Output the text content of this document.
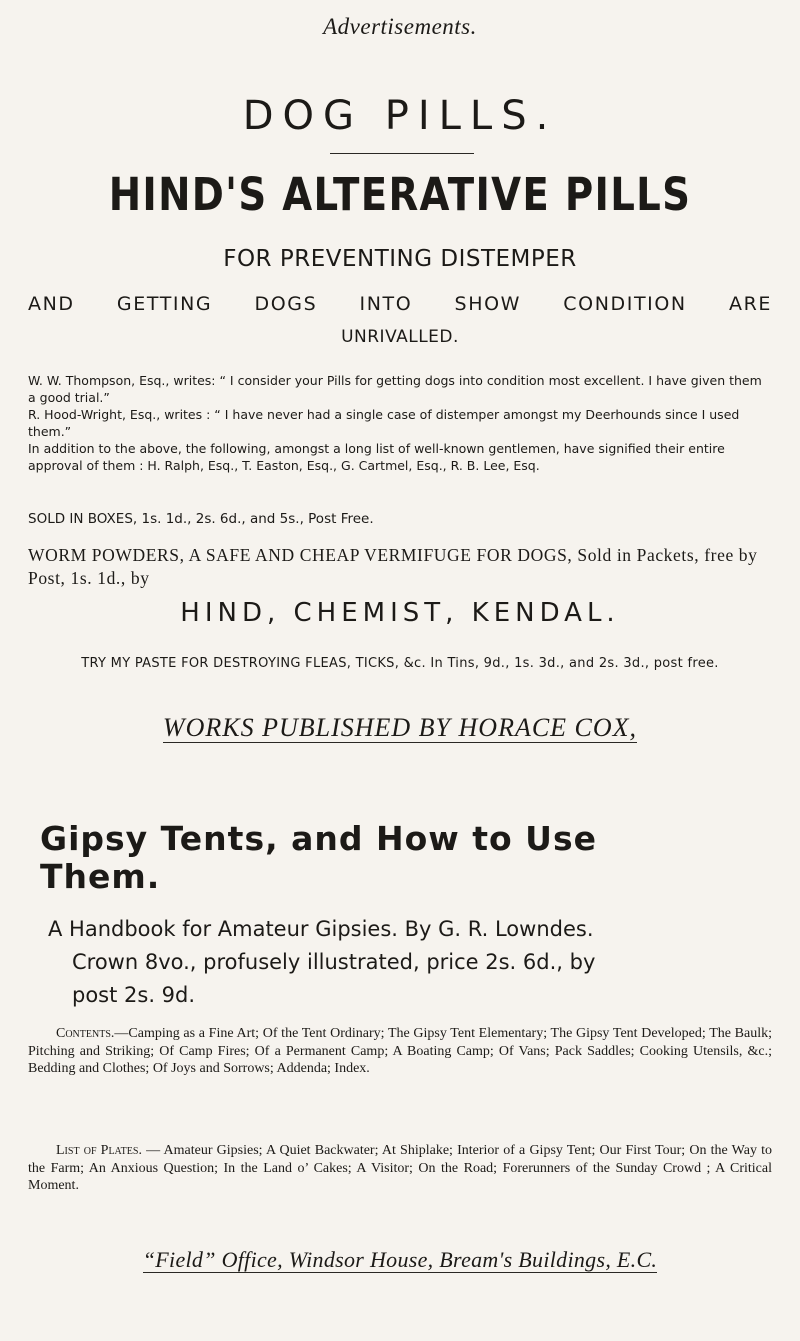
Advertisements.
DOG PILLS.
HIND'S ALTERATIVE PILLS
FOR PREVENTING DISTEMPER
AND GETTING DOGS INTO SHOW CONDITION ARE
UNRIVALLED.

W. W. Thompson, Esq., writes: “ I consider your Pills for getting dogs into condition most excellent. I have given them a good trial.”

R. Hood-Wright, Esq., writes : “ I have never had a single case of distemper amongst my Deerhounds since I used them.”

In addition to the above, the following, amongst a long list of well-known gentlemen, have signified their entire approval of them : H. Ralph, Esq., T. Easton, Esq., G. Cartmel, Esq., R. B. Lee, Esq.

SOLD IN BOXES, 1s. 1d., 2s. 6d., and 5s., Post Free.
WORM POWDERS, A SAFE AND CHEAP VERMIFUGE FOR DOGS, Sold in Packets, free by Post, 1s. 1d., by
HIND, CHEMIST, KENDAL.
TRY MY PASTE FOR DESTROYING FLEAS, TICKS, &c. In Tins, 9d., 1s. 3d., and 2s. 3d., post free.
WORKS PUBLISHED BY HORACE COX,
Gipsy Tents, and How to Use
Them.
A Handbook for Amateur Gipsies. By G. R. Lowndes.
Crown 8vo., profusely illustrated, price 2s. 6d., by
post 2s. 9d.

Contents.—Camping as a Fine Art; Of the Tent Ordinary; The Gipsy Tent Elementary; The Gipsy Tent Developed; The Baulk; Pitching and Striking; Of Camp Fires; Of a Permanent Camp; A Boating Camp; Of Vans; Pack Saddles; Cooking Utensils, &c.; Bedding and Clothes; Of Joys and Sorrows; Addenda; Index.

List of Plates. — Amateur Gipsies; A Quiet Backwater; At Shiplake; Interior of a Gipsy Tent; Our First Tour; On the Way to the Farm; An Anxious Question; In the Land o’ Cakes; A Visitor; On the Road; Forerunners of the Sunday Crowd ; A Critical Moment.

“Field” Office, Windsor House, Bream's Buildings, E.C.
